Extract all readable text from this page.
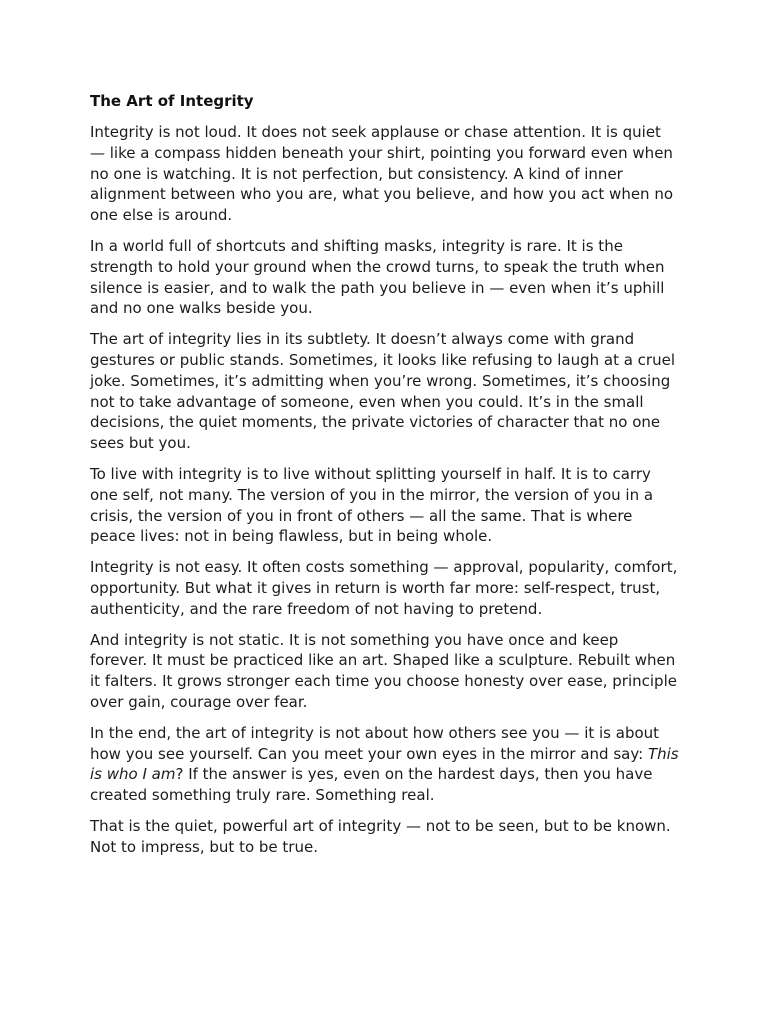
The Art of Integrity

Integrity is not loud. It does not seek applause or chase attention. It is quiet — like a compass hidden beneath your shirt, pointing you forward even when no one is watching. It is not perfection, but consistency. A kind of inner alignment between who you are, what you believe, and how you act when no one else is around.

In a world full of shortcuts and shifting masks, integrity is rare. It is the strength to hold your ground when the crowd turns, to speak the truth when silence is easier, and to walk the path you believe in — even when it’s uphill and no one walks beside you.

The art of integrity lies in its subtlety. It doesn’t always come with grand gestures or public stands. Sometimes, it looks like refusing to laugh at a cruel joke. Sometimes, it’s admitting when you’re wrong. Sometimes, it’s choosing not to take advantage of someone, even when you could. It’s in the small decisions, the quiet moments, the private victories of character that no one sees but you.

To live with integrity is to live without splitting yourself in half. It is to carry one self, not many. The version of you in the mirror, the version of you in a crisis, the version of you in front of others — all the same. That is where peace lives: not in being flawless, but in being whole.

Integrity is not easy. It often costs something — approval, popularity, comfort, opportunity. But what it gives in return is worth far more: self-respect, trust, authenticity, and the rare freedom of not having to pretend.

And integrity is not static. It is not something you have once and keep forever. It must be practiced like an art. Shaped like a sculpture. Rebuilt when it falters. It grows stronger each time you choose honesty over ease, principle over gain, courage over fear.

In the end, the art of integrity is not about how others see you — it is about how you see yourself. Can you meet your own eyes in the mirror and say: This is who I am? If the answer is yes, even on the hardest days, then you have created something truly rare. Something real.

That is the quiet, powerful art of integrity — not to be seen, but to be known. Not to impress, but to be true.
